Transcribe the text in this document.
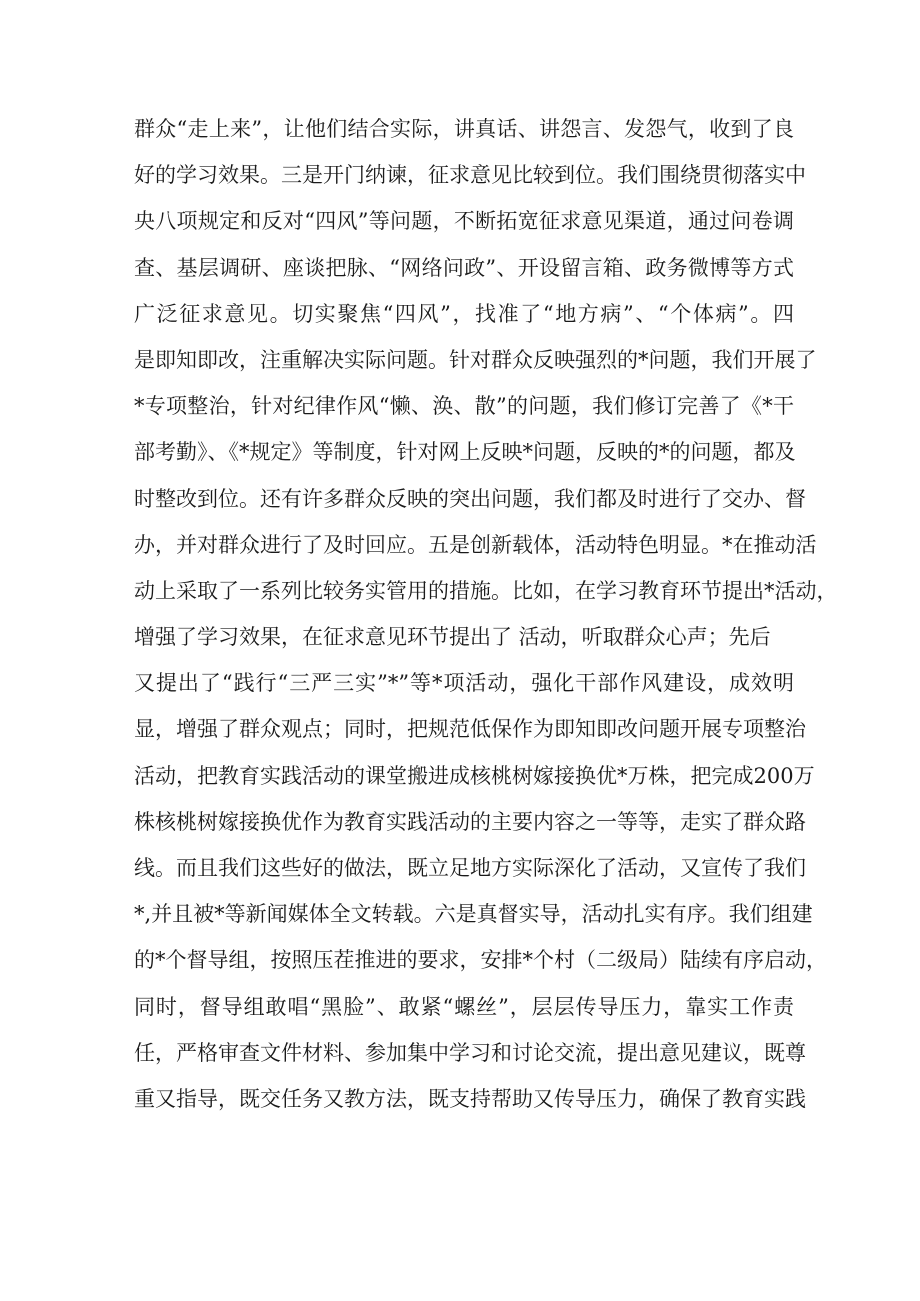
群众“走上来”，让他们结合实际，讲真话、讲怨言、发怨气，收到了良
好的学习效果。三是开门纳谏，征求意见比较到位。我们围绕贯彻落实中
央八项规定和反对“四风”等问题，不断拓宽征求意见渠道，通过问卷调
查、基层调研、座谈把脉、“网络问政”、开设留言箱、政务微博等方式
广泛征求意见。切实聚焦“四风”，找准了“地方病”、“个体病”。四
是即知即改，注重解决实际问题。针对群众反映强烈的*问题，我们开展了
*专项整治，针对纪律作风“懒、涣、散”的问题，我们修订完善了《*干
部考勤》、《*规定》等制度，针对网上反映*问题，反映的*的问题，都及
时整改到位。还有许多群众反映的突出问题，我们都及时进行了交办、督
办，并对群众进行了及时回应。五是创新载体，活动特色明显。*在推动活
动上采取了一系列比较务实管用的措施。比如，在学习教育环节提出*活动，
增强了学习效果，在征求意见环节提出了 活动，听取群众心声；先后
又提出了“践行“三严三实”*”等*项活动，强化干部作风建设，成效明
显，增强了群众观点；同时，把规范低保作为即知即改问题开展专项整治
活动，把教育实践活动的课堂搬进成核桃树嫁接换优*万株，把完成200万
株核桃树嫁接换优作为教育实践活动的主要内容之一等等，走实了群众路
线。而且我们这些好的做法，既立足地方实际深化了活动，又宣传了我们
*,并且被*等新闻媒体全文转载。六是真督实导，活动扎实有序。我们组建
的*个督导组，按照压茬推进的要求，安排*个村（二级局）陆续有序启动，
同时，督导组敢唱“黑脸”、敢紧“螺丝”，层层传导压力，靠实工作责
任，严格审查文件材料、参加集中学习和讨论交流，提出意见建议，既尊
重又指导，既交任务又教方法，既支持帮助又传导压力，确保了教育实践
